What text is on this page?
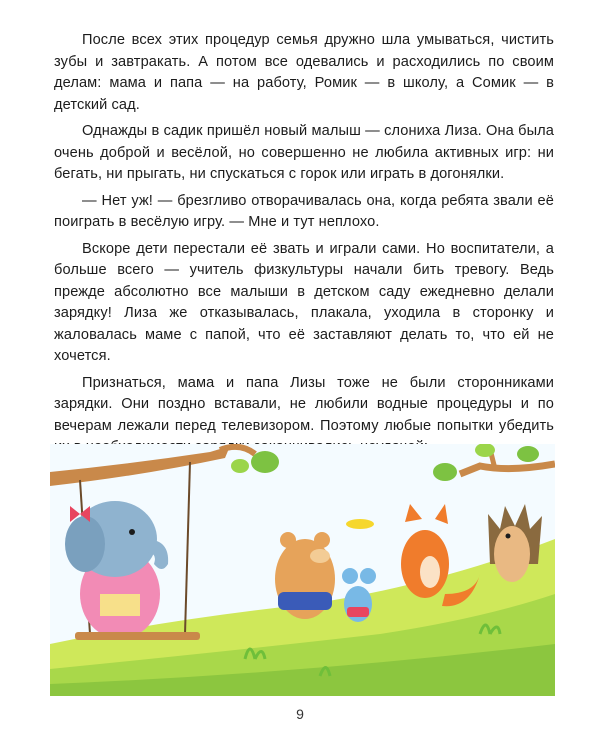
После всех этих процедур семья дружно шла умываться, чистить зубы и завтракать. А потом все одевались и расходились по своим делам: мама и папа — на работу, Ромик — в школу, а Сомик — в детский сад.

Однажды в садик пришёл новый малыш — слониха Лиза. Она была очень доброй и весёлой, но совершенно не любила активных игр: ни бегать, ни прыгать, ни спускаться с горок или играть в догонялки.

— Нет уж! — брезгливо отворачивалась она, когда ребята звали её поиграть в весёлую игру. — Мне и тут неплохо.

Вскоре дети перестали её звать и играли сами. Но воспитатели, а больше всего — учитель физкультуры начали бить тревогу. Ведь прежде абсолютно все малыши в детском саду ежедневно делали зарядку! Лиза же отказывалась, плакала, уходила в сторонку и жаловалась маме с папой, что её заставляют делать то, что ей не хочется.

Признаться, мама и папа Лизы тоже не были сторонниками зарядки. Они поздно вставали, не любили водные процедуры и по вечерам лежали перед телевизором. Поэтому любые попытки убедить

9
